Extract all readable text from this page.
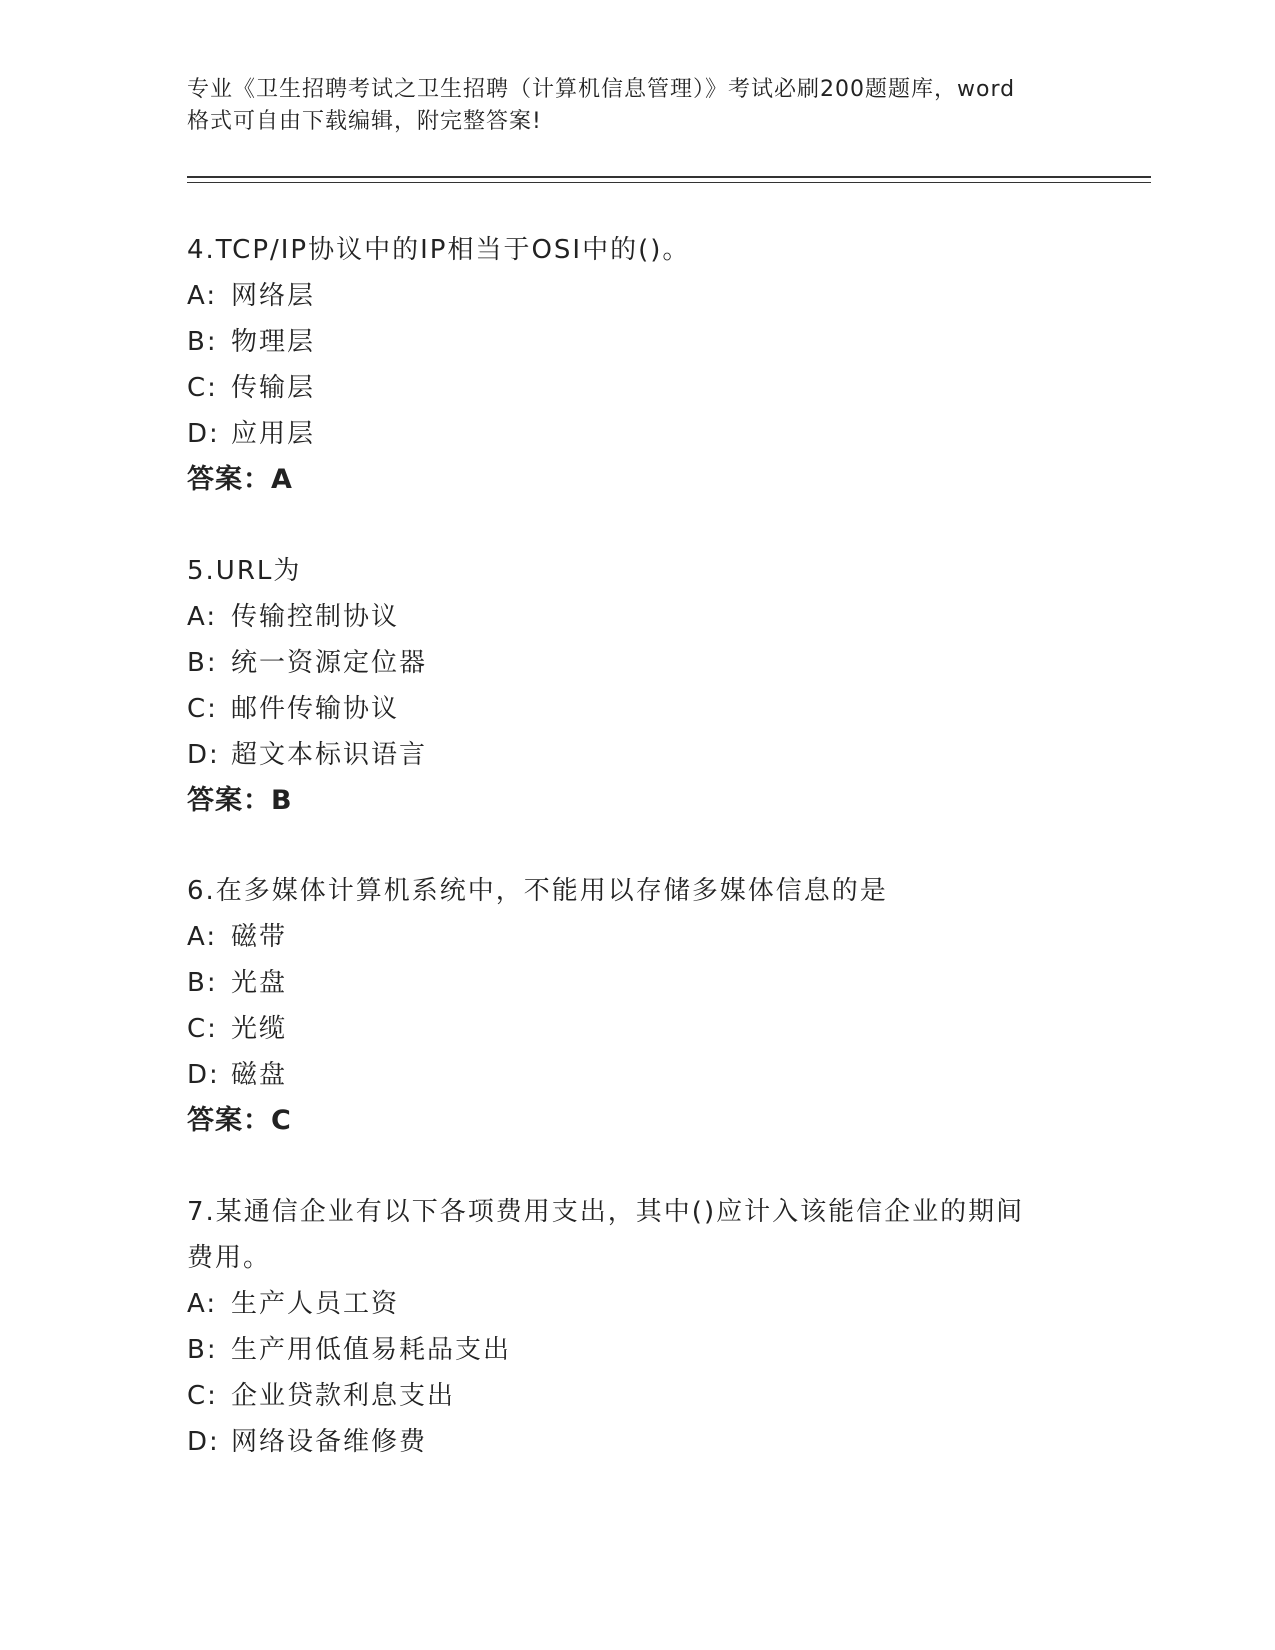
专业《卫生招聘考试之卫生招聘（计算机信息管理）》考试必刷200题题库，word
格式可自由下载编辑，附完整答案!
4.TCP/IP协议中的IP相当于OSI中的()。
A: 网络层
B: 物理层
C: 传输层
D: 应用层
答案：A
5.URL为
A: 传输控制协议
B: 统一资源定位器
C: 邮件传输协议
D: 超文本标识语言
答案：B
6.在多媒体计算机系统中，不能用以存储多媒体信息的是
A: 磁带
B: 光盘
C: 光缆
D: 磁盘
答案：C
7.某通信企业有以下各项费用支出，其中()应计入该能信企业的期间
费用。
A: 生产人员工资
B: 生产用低值易耗品支出
C: 企业贷款利息支出
D: 网络设备维修费
